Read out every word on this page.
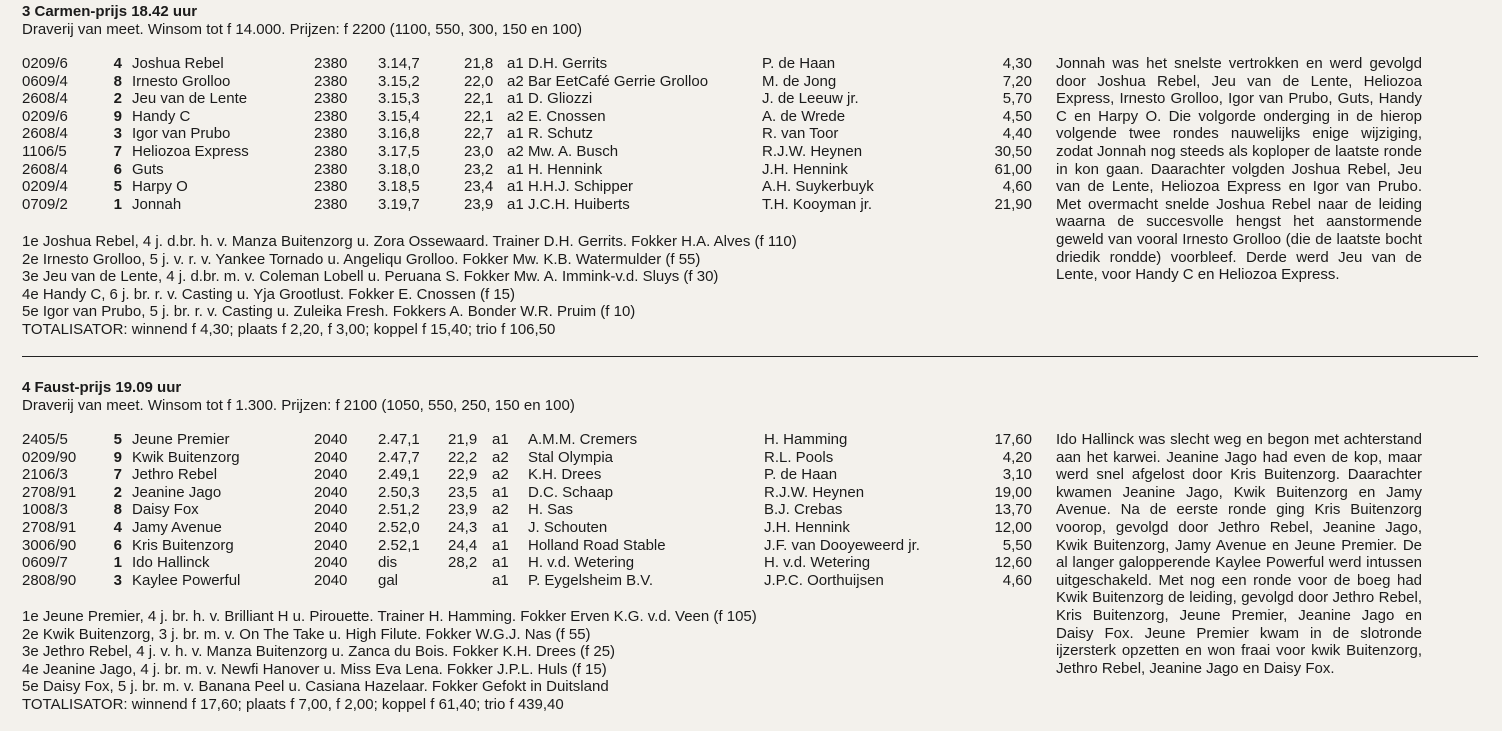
3 Carmen-prijs 18.42 uur
Draverij van meet. Winsom tot f 14.000. Prijzen: f 2200 (1100, 550, 300, 150 en 100)
0209/6	4 Joshua Rebel	2380 3.14,7	21,8 a1 D.H. Gerrits	P. de Haan	4,30
0609/4	8 Irnesto Grolloo	2380 3.15,2	22,0 a2 Bar EetCafé Gerrie Grolloo	M. de Jong	7,20
2608/4	2 Jeu van de Lente	2380 3.15,3	22,1 a1 D. Gliozzi	J. de Leeuw jr.	5,70
0209/6	9 Handy C	2380 3.15,4	22,1 a2 E. Cnossen	A. de Wrede	4,50
2608/4	3 Igor van Prubo	2380 3.16,8	22,7 a1 R. Schutz	R. van Toor	4,40
1106/5	7 Heliozoa Express	2380 3.17,5	23,0 a2 Mw. A. Busch	R.J.W. Heynen	30,50
2608/4	6 Guts	2380 3.18,0	23,2 a1 H. Hennink	J.H. Hennink	61,00
0209/4	5 Harpy O	2380 3.18,5	23,4 a1 H.H.J. Schipper	A.H. Suykerbuyk	4,60
0709/2	1 Jonnah	2380 3.19,7	23,9 a1 J.C.H. Huiberts	T.H. Kooyman jr.	21,90
Jonnah was het snelste vertrokken en werd gevolgd door Joshua Rebel, Jeu van de Lente, Heliozoa Express, Irnesto Grolloo, Igor van Prubo, Guts, Handy C en Harpy O. Die volgorde onderging in de hierop volgende twee rondes nauwelijks enige wijziging, zodat Jonnah nog steeds als koploper de laatste ronde in kon gaan. Daarachter volgden Joshua Rebel, Jeu van de Lente, Heliozoa Express en Igor van Prubo. Met overmacht snelde Joshua Rebel naar de leiding waarna de succesvolle hengst het aanstormende geweld van vooral Irnesto Grolloo (die de laatste bocht driedik rondde) voorbleef. Derde werd Jeu van de Lente, voor Handy C en Heliozoa Express.
1e Joshua Rebel, 4 j. d.br. h. v. Manza Buitenzorg u. Zora Ossewaard. Trainer D.H. Gerrits. Fokker H.A. Alves (f 110)
2e Irnesto Grolloo, 5 j. v. r. v. Yankee Tornado u. Angeliqu Grolloo. Fokker Mw. K.B. Watermulder (f 55)
3e Jeu van de Lente, 4 j. d.br. m. v. Coleman Lobell u. Peruana S. Fokker Mw. A. Immink-v.d. Sluys (f 30)
4e Handy C, 6 j. br. r. v. Casting u. Yja Grootlust. Fokker E. Cnossen (f 15)
5e Igor van Prubo, 5 j. br. r. v. Casting u. Zuleika Fresh. Fokkers A. Bonder W.R. Pruim (f 10)
TOTALISATOR: winnend f 4,30; plaats f 2,20, f 3,00; koppel f 15,40; trio f 106,50
4 Faust-prijs 19.09 uur
Draverij van meet. Winsom tot f 1.300. Prijzen: f 2100 (1050, 550, 250, 150 en 100)
2405/5	5 Jeune Premier	2040 2.47,1 21,9 a1 A.M.M. Cremers	H. Hamming	17,60
0209/90	9 Kwik Buitenzorg	2040 2.47,7 22,2 a2 Stal Olympia	R.L. Pools	4,20
2106/3	7 Jethro Rebel	2040 2.49,1 22,9 a2 K.H. Drees	P. de Haan	3,10
2708/91	2 Jeanine Jago	2040 2.50,3 23,5 a1 D.C. Schaap	R.J.W. Heynen	19,00
1008/3	8 Daisy Fox	2040 2.51,2 23,9 a2 H. Sas	B.J. Crebas	13,70
2708/91	4 Jamy Avenue	2040 2.52,0 24,3 a1 J. Schouten	J.H. Hennink	12,00
3006/90	6 Kris Buitenzorg	2040 2.52,1 24,4 a1 Holland Road Stable	J.F. van Dooyeweerd jr.	5,50
0609/7	1 Ido Hallinck	2040 dis	28,2 a1 H. v.d. Wetering	H. v.d. Wetering	12,60
2808/90	3 Kaylee Powerful	2040 gal	a1 P. Eygelsheim B.V.	J.P.C. Oorthuijsen	4,60
Ido Hallinck was slecht weg en begon met achterstand aan het karwei. Jeanine Jago had even de kop, maar werd snel afgelost door Kris Buitenzorg. Daarachter kwamen Jeanine Jago, Kwik Buitenzorg en Jamy Avenue. Na de eerste ronde ging Kris Buitenzorg voorop, gevolgd door Jethro Rebel, Jeanine Jago, Kwik Buitenzorg, Jamy Avenue en Jeune Premier. De al langer galopperende Kaylee Powerful werd intussen uitgeschakeld. Met nog een ronde voor de boeg had Kwik Buitenzorg de leiding, gevolgd door Jethro Rebel, Kris Buitenzorg, Jeune Premier, Jeanine Jago en Daisy Fox. Jeune Premier kwam in de slotronde ijzersterk opzetten en won fraai voor kwik Buitenzorg, Jethro Rebel, Jeanine Jago en Daisy Fox.
1e Jeune Premier, 4 j. br. h. v. Brilliant H u. Pirouette. Trainer H. Hamming. Fokker Erven K.G. v.d. Veen (f 105)
2e Kwik Buitenzorg, 3 j. br. m. v. On The Take u. High Filute. Fokker W.G.J. Nas (f 55)
3e Jethro Rebel, 4 j. v. h. v. Manza Buitenzorg u. Zanca du Bois. Fokker K.H. Drees (f 25)
4e Jeanine Jago, 4 j. br. m. v. Newfi Hanover u. Miss Eva Lena. Fokker J.P.L. Huls (f 15)
5e Daisy Fox, 5 j. br. m. v. Banana Peel u. Casiana Hazelaar. Fokker Gefokt in Duitsland
TOTALISATOR: winnend f 17,60; plaats f 7,00, f 2,00; koppel f 61,40; trio f 439,40
